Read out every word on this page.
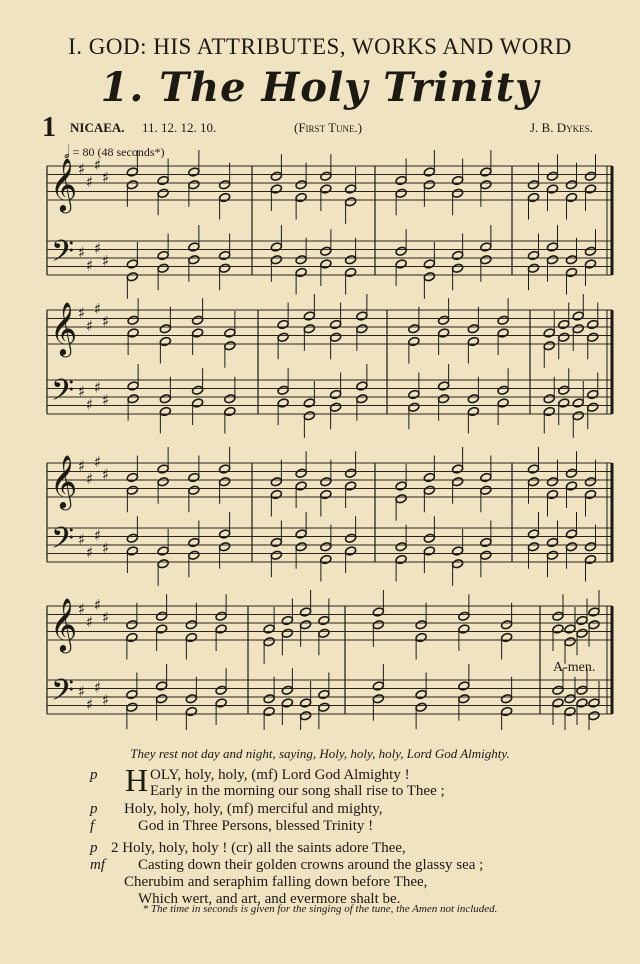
I. GOD: HIS ATTRIBUTES, WORKS AND WORD
1. The Holy Trinity
1 NICAEA. 11. 12. 12. 10.	(First Tune.)	J. B. Dykes.
𝅗𝅥 = 80 (48 seconds*)
𝄞 ♯
♯
♯
♯
𝄢 ♯
♯
♯
♯
𝄞 ♯
♯
♯
♯
𝄢 ♯
♯
♯
♯
𝄞 ♯
♯
♯
♯
𝄢 ♯
♯
♯
♯
𝄞 ♯
♯
♯
♯
𝄢 ♯
♯
♯
♯
A-men.
They rest not day and night, saying, Holy, holy, holy, Lord God Almighty.
H
p	OLY, holy, holy, (mf) Lord God Almighty !
Early in the morning our song shall rise to Thee ;
p Holy, holy, holy, (mf) merciful and mighty,
f	God in Three Persons, blessed Trinity !
p 2 Holy, holy, holy ! (cr) all the saints adore Thee,
mf Casting down their golden crowns around the glassy sea ;
Cherubim and seraphim falling down before Thee,
Which wert, and art, and evermore shalt be.
* The time in seconds is given for the singing of the tune, the Amen not included.
